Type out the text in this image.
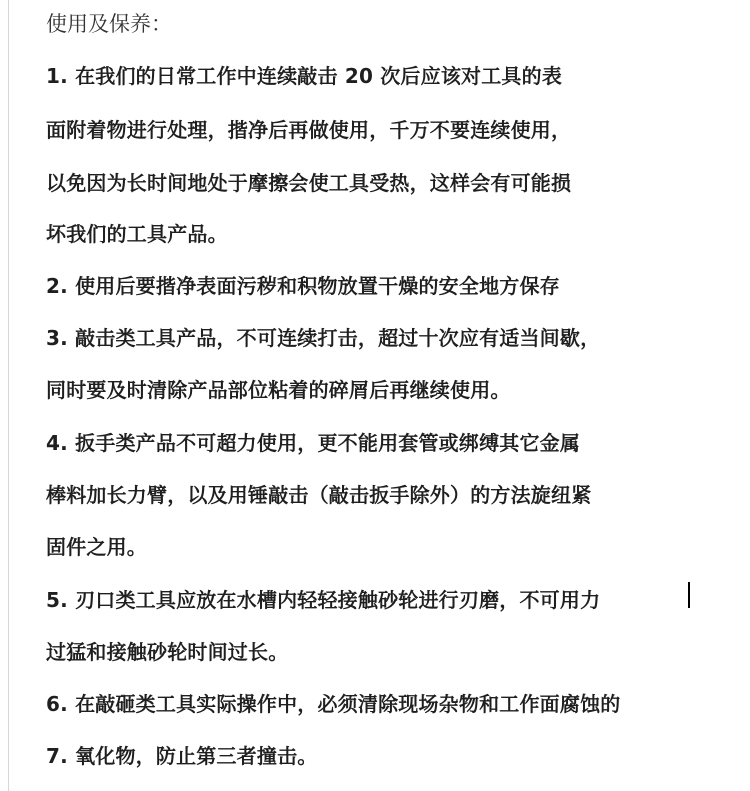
使用及保养：
1. 在我们的日常工作中连续敲击 20 次后应该对工具的表
面附着物进行处理，揩净后再做使用，千万不要连续使用，
以免因为长时间地处于摩擦会使工具受热，这样会有可能损
坏我们的工具产品。
2. 使用后要揩净表面污秽和积物放置干燥的安全地方保存
3. 敲击类工具产品，不可连续打击，超过十次应有适当间歇，
同时要及时清除产品部位粘着的碎屑后再继续使用。
4. 扳手类产品不可超力使用，更不能用套管或绑缚其它金属
棒料加长力臂，以及用锤敲击（敲击扳手除外）的方法旋纽紧
固件之用。
5. 刃口类工具应放在水槽内轻轻接触砂轮进行刃磨，不可用力
过猛和接触砂轮时间过长。
6. 在敲砸类工具实际操作中，必须清除现场杂物和工作面腐蚀的
7. 氧化物，防止第三者撞击。
